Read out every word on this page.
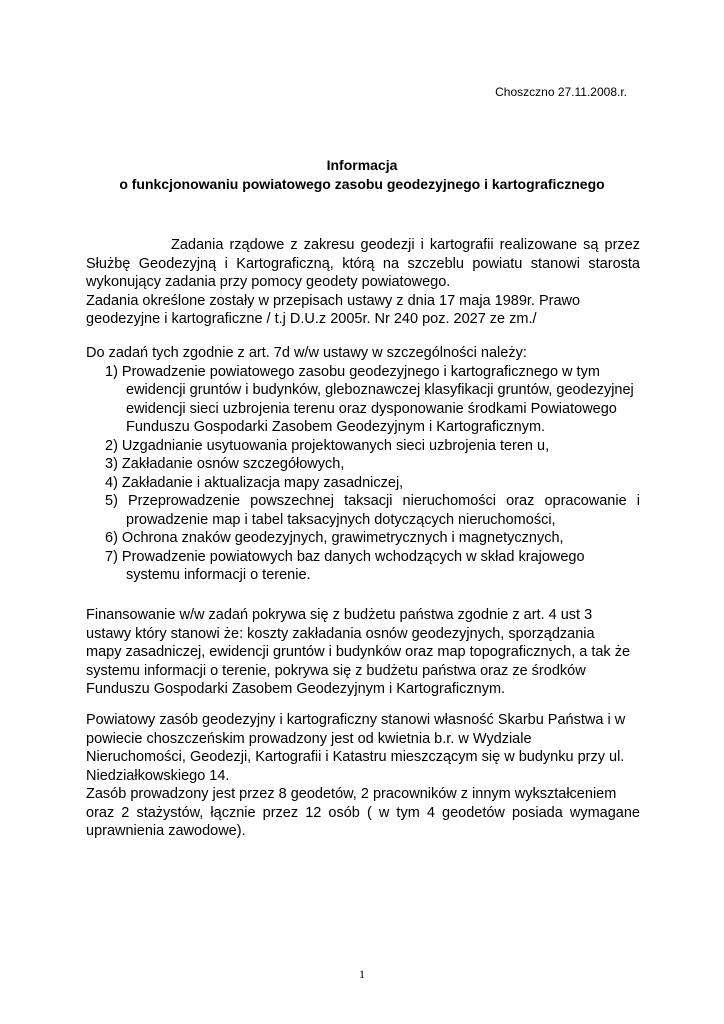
Choszczno 27.11.2008.r.
Informacja
o funkcjonowaniu powiatowego zasobu geodezyjnego i kartograficznego
Zadania rządowe z zakresu geodezji i kartografii realizowane są przez
Służbę Geodezyjną i Kartograficzną, którą na szczeblu powiatu stanowi starosta
wykonujący zadania przy pomocy geodety powiatowego.
Zadania określone zostały w przepisach ustawy z dnia 17 maja 1989r. Prawo
geodezyjne i kartograficzne / t.j D.U.z 2005r. Nr 240 poz. 2027 ze zm./
Do zadań tych zgodnie z art. 7d w/w ustawy w szczególności należy:
1) Prowadzenie powiatowego zasobu geodezyjnego i kartograficznego w tym ewidencji gruntów i budynków, gleboznawczej klasyfikacji gruntów, geodezyjnej ewidencji sieci uzbrojenia terenu oraz dysponowanie środkami Powiatowego Funduszu Gospodarki Zasobem Geodezyjnym i Kartograficznym.
2) Uzgadnianie usytuowania projektowanych sieci uzbrojenia teren u,
3) Zakładanie osnów szczegółowych,
4) Zakładanie i aktualizacja mapy zasadniczej,
5) Przeprowadzenie powszechnej taksacji nieruchomości oraz opracowanie i prowadzenie map i tabel taksacyjnych dotyczących nieruchomości,
6) Ochrona znaków geodezyjnych, grawimetrycznych i magnetycznych,
7) Prowadzenie powiatowych baz danych wchodzących w skład krajowego systemu informacji o terenie.
Finansowanie w/w zadań pokrywa się z budżetu państwa zgodnie z art. 4 ust 3
ustawy który stanowi że: koszty zakładania osnów geodezyjnych, sporządzania
mapy zasadniczej, ewidencji gruntów i budynków oraz map topograficznych, a tak że
systemu informacji o terenie, pokrywa się z budżetu państwa oraz ze środków
Funduszu Gospodarki Zasobem Geodezyjnym i Kartograficznym.
Powiatowy zasób geodezyjny i kartograficzny stanowi własność Skarbu Państwa i w
powiecie choszczeńskim prowadzony jest od kwietnia b.r. w Wydziale
Nieruchomości, Geodezji, Kartografii i Katastru mieszczącym się w budynku przy ul.
Niedziałkowskiego 14.
Zasób prowadzony jest przez 8 geodetów, 2 pracowników z innym wykształceniem
oraz 2 stażystów, łącznie przez 12 osób ( w tym 4 geodetów posiada wymagane
uprawnienia zawodowe).
1
